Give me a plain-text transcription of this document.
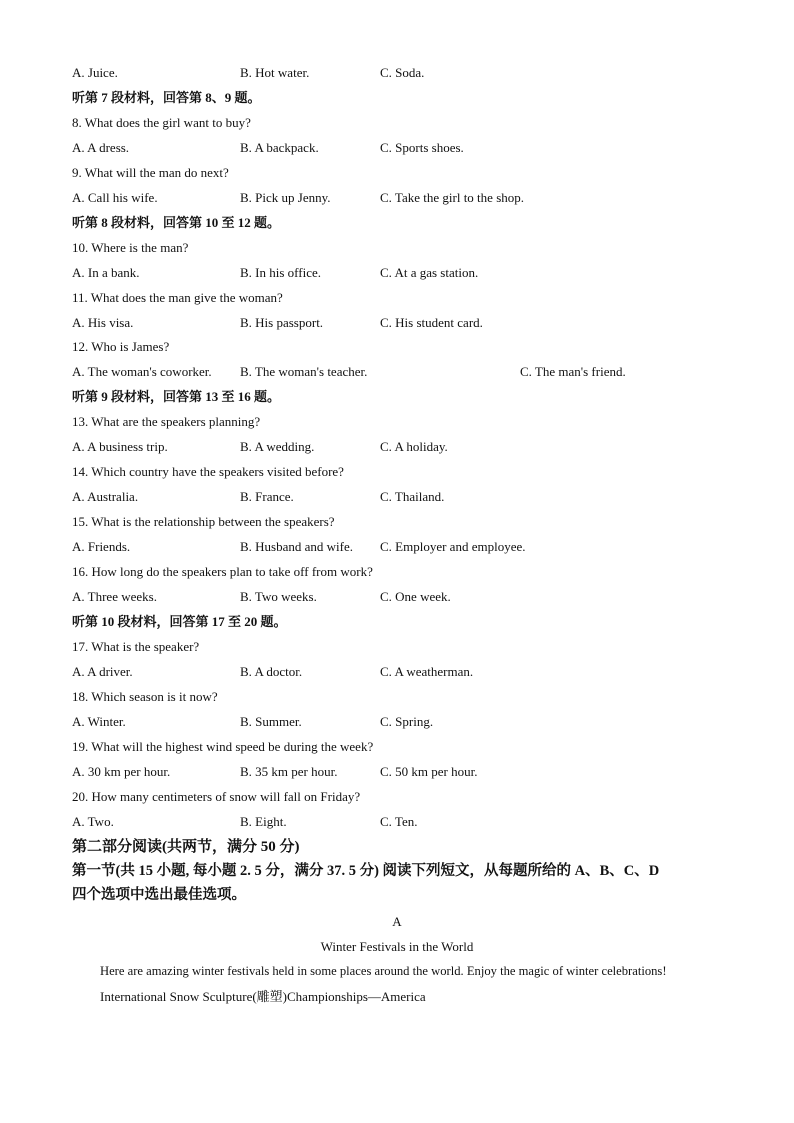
A. Juice.	B. Hot water.	C. Soda.
听第 7 段材料，回答第 8、9 题。
8. What does the girl want to buy?
A. A dress.	B. A backpack.	C. Sports shoes.
9. What will the man do next?
A. Call his wife.	B. Pick up Jenny.	C. Take the girl to the shop.
听第 8 段材料，回答第 10 至 12 题。
10. Where is the man?
A. In a bank.	B. In his office.	C. At a gas station.
11. What does the man give the woman?
A. His visa.	B. His passport.	C. His student card.
12. Who is James?
A. The woman's coworker. B. The woman's teacher.	C. The man's friend.
听第 9 段材料，回答第 13 至 16 题。
13. What are the speakers planning?
A. A business trip.	B. A wedding.	C. A holiday.
14. Which country have the speakers visited before?
A. Australia.	B. France.	C. Thailand.
15. What is the relationship between the speakers?
A. Friends.	B. Husband and wife. C. Employer and employee.
16. How long do the speakers plan to take off from work?
A. Three weeks.	B. Two weeks.	C. One week.
听第 10 段材料，回答第 17 至 20 题。
17. What is the speaker?
A. A driver.	B. A doctor.	C. A weatherman.
18. Which season is it now?
A. Winter.	B. Summer.	C. Spring.
19. What will the highest wind speed be during the week?
A. 30 km per hour.	B. 35 km per hour.	C. 50 km per hour.
20. How many centimeters of snow will fall on Friday?
A. Two.	B. Eight.	C. Ten.
第二部分阅读(共两节，满分 50 分)
第一节(共 15 小题, 每小题 2. 5 分，满分 37. 5 分) 阅读下列短文，从每题所给的 A、B、C、D
四个选项中选出最佳选项。
A
Winter Festivals in the World
Here are amazing winter festivals held in some places around the world. Enjoy the magic of winter celebrations!
International Snow Sculpture(雕塑)Championships—America
